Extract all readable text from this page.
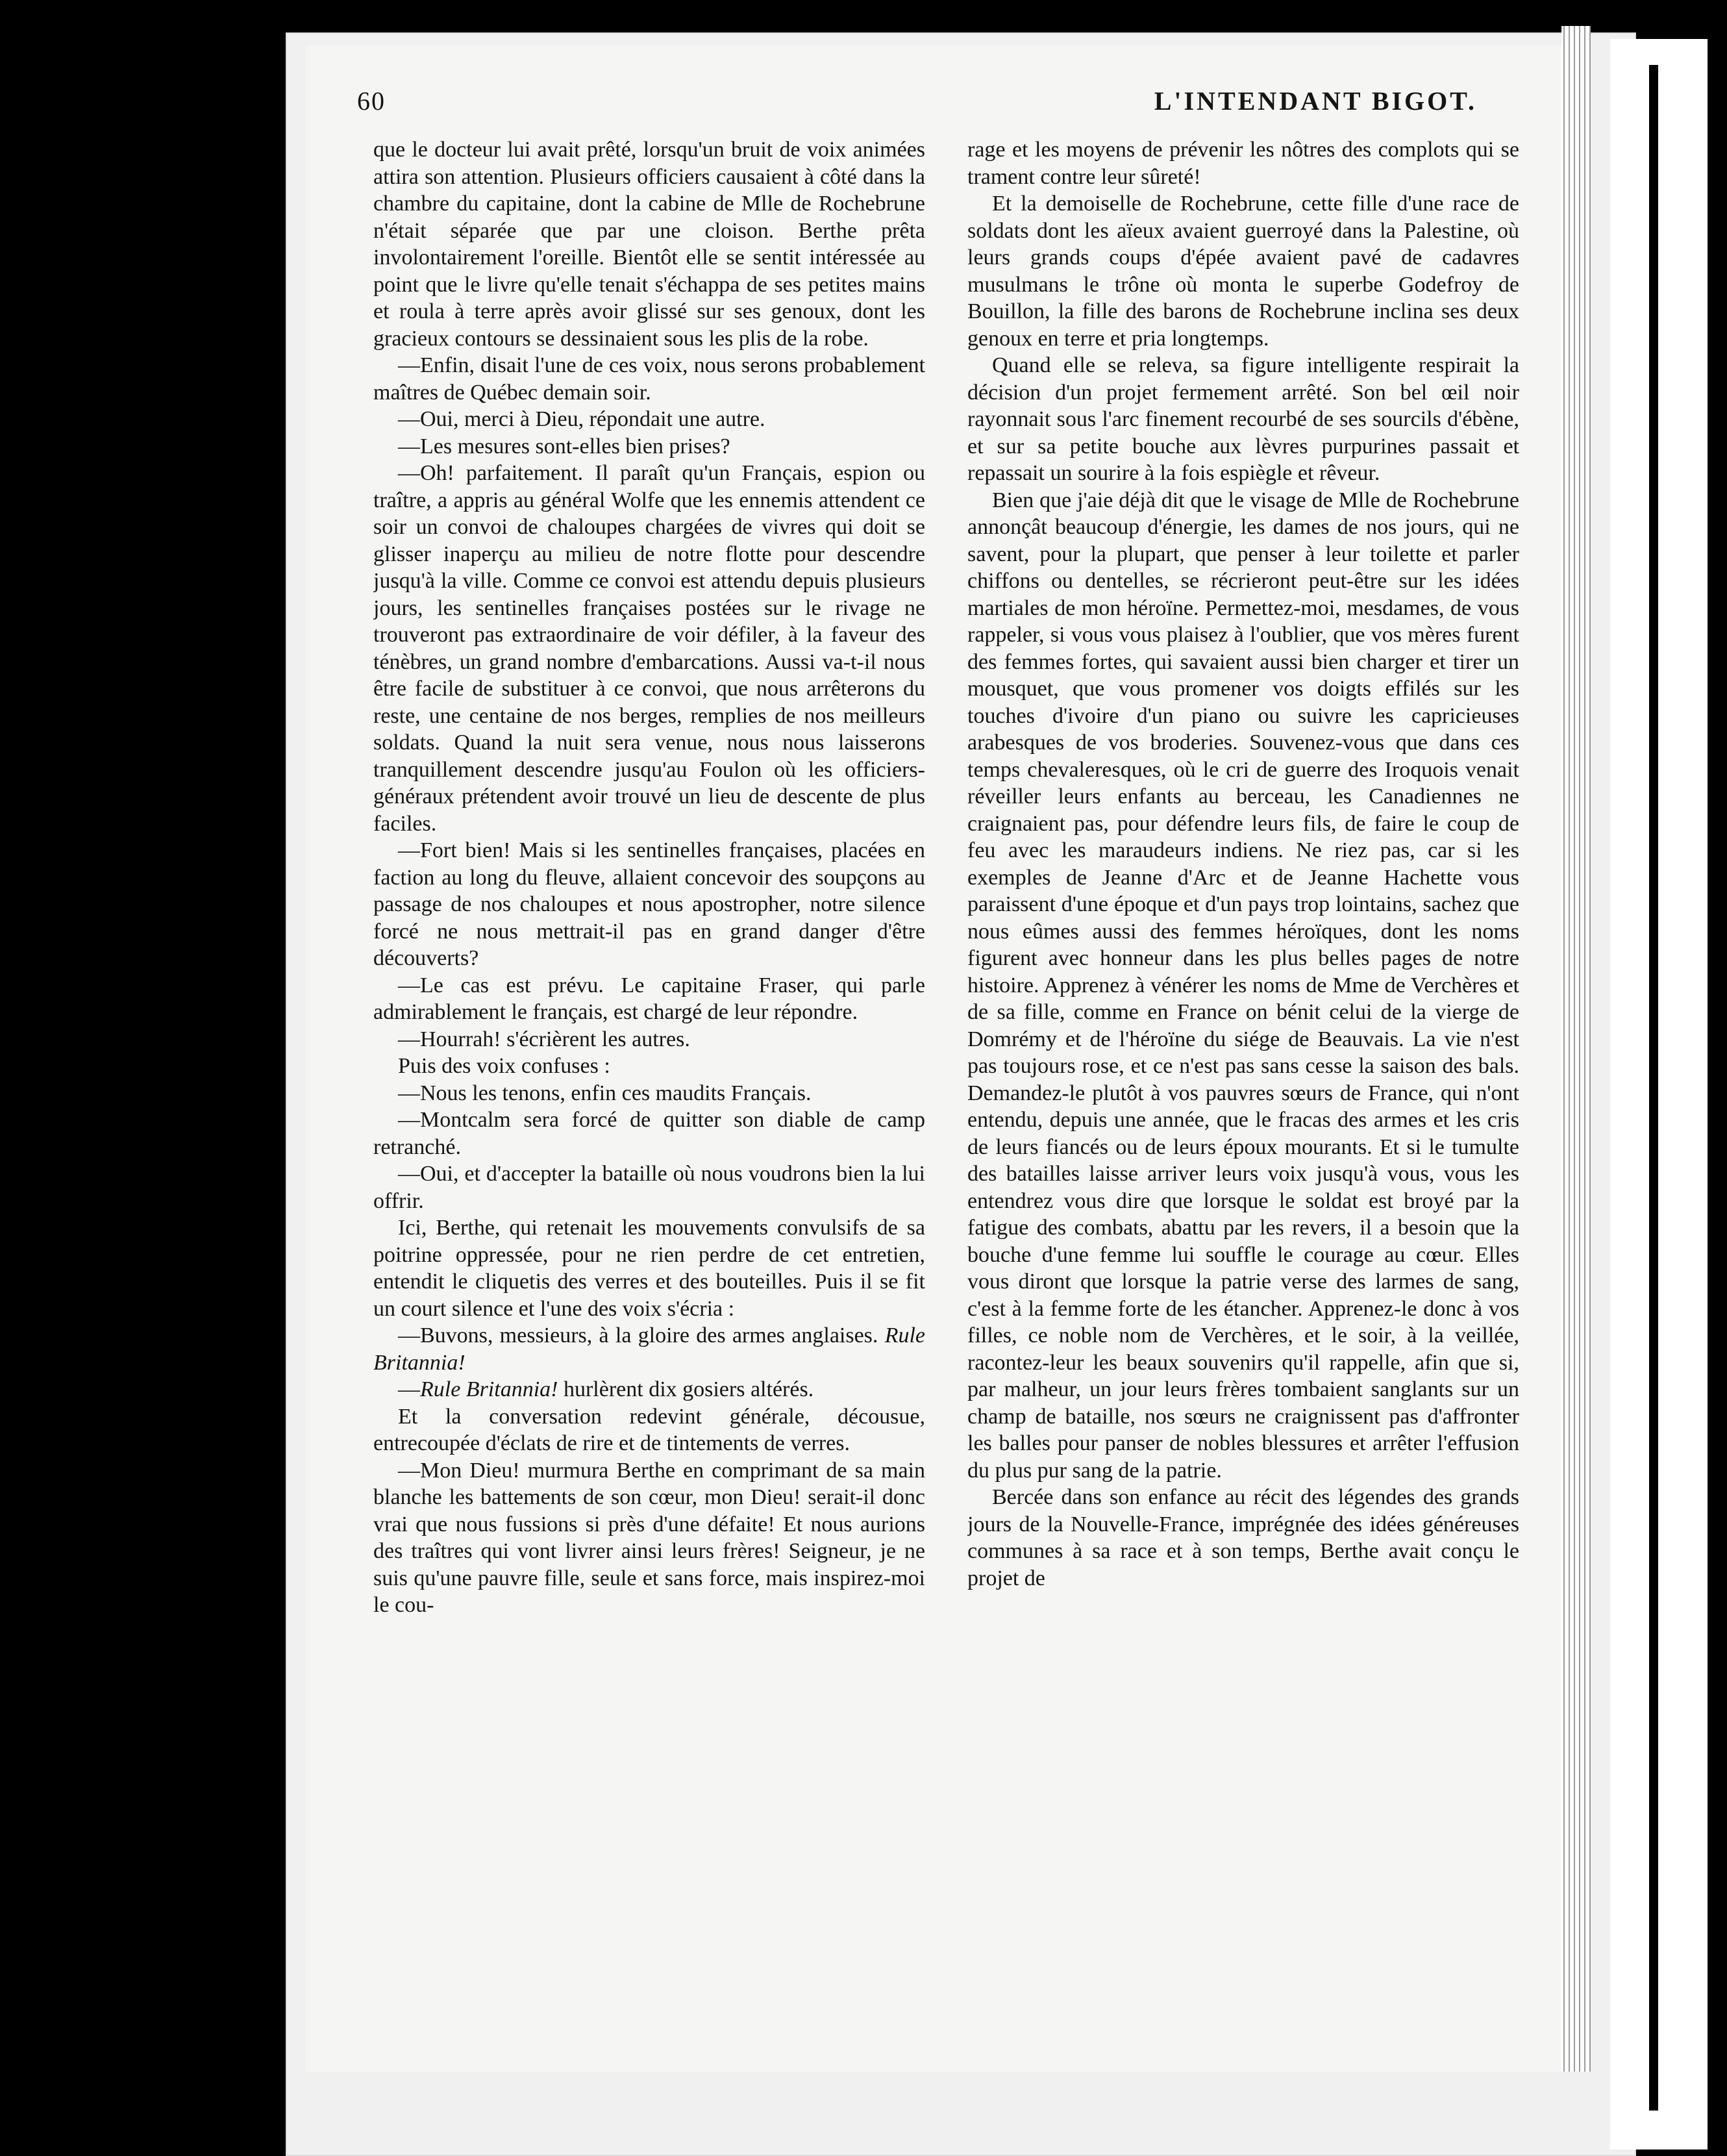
60	L'INTENDANT BIGOT.

que le docteur lui avait prêté, lorsqu'un bruit de voix animées attira son attention. Plusieurs officiers causaient à côté dans la chambre du capitaine, dont la cabine de Mlle de Rochebrune n'était séparée que par une cloison. Berthe prêta involontairement l'oreille. Bientôt elle se sentit intéressée au point que le livre qu'elle tenait s'échappa de ses petites mains et roula à terre après avoir glissé sur ses genoux, dont les gracieux contours se dessinaient sous les plis de la robe.

—Enfin, disait l'une de ces voix, nous serons probablement maîtres de Québec demain soir.

—Oui, merci à Dieu, répondait une autre.

—Les mesures sont-elles bien prises?

—Oh! parfaitement. Il paraît qu'un Français, espion ou traître, a appris au général Wolfe que les ennemis attendent ce soir un convoi de chaloupes chargées de vivres qui doit se glisser inaperçu au milieu de notre flotte pour descendre jusqu'à la ville. Comme ce convoi est attendu depuis plusieurs jours, les sentinelles françaises postées sur le rivage ne trouveront pas extraordinaire de voir défiler, à la faveur des ténèbres, un grand nombre d'embarcations. Aussi va-t-il nous être facile de substituer à ce convoi, que nous arrêterons du reste, une centaine de nos berges, remplies de nos meilleurs soldats. Quand la nuit sera venue, nous nous laisserons tranquillement descendre jusqu'au Foulon où les officiers-généraux prétendent avoir trouvé un lieu de descente de plus faciles.

—Fort bien! Mais si les sentinelles françaises, placées en faction au long du fleuve, allaient concevoir des soupçons au passage de nos chaloupes et nous apostropher, notre silence forcé ne nous mettrait-il pas en grand danger d'être découverts?

—Le cas est prévu. Le capitaine Fraser, qui parle admirablement le français, est chargé de leur répondre.

—Hourrah! s'écrièrent les autres.

Puis des voix confuses :

—Nous les tenons, enfin ces maudits Français.

—Montcalm sera forcé de quitter son diable de camp retranché.

—Oui, et d'accepter la bataille où nous voudrons bien la lui offrir.

Ici, Berthe, qui retenait les mouvements convulsifs de sa poitrine oppressée, pour ne rien perdre de cet entretien, entendit le cliquetis des verres et des bouteilles. Puis il se fit un court silence et l'une des voix s'écria :

—Buvons, messieurs, à la gloire des armes anglaises. Rule Britannia!

—Rule Britannia! hurlèrent dix gosiers altérés.

Et la conversation redevint générale, décousue, entrecoupée d'éclats de rire et de tintements de verres.

—Mon Dieu! murmura Berthe en comprimant de sa main blanche les battements de son cœur, mon Dieu! serait-il donc vrai que nous fussions si près d'une défaite! Et nous aurions des traîtres qui vont livrer ainsi leurs frères! Seigneur, je ne suis qu'une pauvre fille, seule et sans force, mais inspirez-moi le cou-

rage et les moyens de prévenir les nôtres des complots qui se trament contre leur sûreté!

Et la demoiselle de Rochebrune, cette fille d'une race de soldats dont les aïeux avaient guerroyé dans la Palestine, où leurs grands coups d'épée avaient pavé de cadavres musulmans le trône où monta le superbe Godefroy de Bouillon, la fille des barons de Rochebrune inclina ses deux genoux en terre et pria longtemps.

Quand elle se releva, sa figure intelligente respirait la décision d'un projet fermement arrêté. Son bel œil noir rayonnait sous l'arc finement recourbé de ses sourcils d'ébène, et sur sa petite bouche aux lèvres purpurines passait et repassait un sourire à la fois espiègle et rêveur.

Bien que j'aie déjà dit que le visage de Mlle de Rochebrune annonçât beaucoup d'énergie, les dames de nos jours, qui ne savent, pour la plupart, que penser à leur toilette et parler chiffons ou dentelles, se récrieront peut-être sur les idées martiales de mon héroïne. Permettez-moi, mesdames, de vous rappeler, si vous vous plaisez à l'oublier, que vos mères furent des femmes fortes, qui savaient aussi bien charger et tirer un mousquet, que vous promener vos doigts effilés sur les touches d'ivoire d'un piano ou suivre les capricieuses arabesques de vos broderies. Souvenez-vous que dans ces temps chevaleresques, où le cri de guerre des Iroquois venait réveiller leurs enfants au berceau, les Canadiennes ne craignaient pas, pour défendre leurs fils, de faire le coup de feu avec les maraudeurs indiens. Ne riez pas, car si les exemples de Jeanne d'Arc et de Jeanne Hachette vous paraissent d'une époque et d'un pays trop lointains, sachez que nous eûmes aussi des femmes héroïques, dont les noms figurent avec honneur dans les plus belles pages de notre histoire. Apprenez à vénérer les noms de Mme de Verchères et de sa fille, comme en France on bénit celui de la vierge de Domrémy et de l'héroïne du siége de Beauvais. La vie n'est pas toujours rose, et ce n'est pas sans cesse la saison des bals. Demandez-le plutôt à vos pauvres sœurs de France, qui n'ont entendu, depuis une année, que le fracas des armes et les cris de leurs fiancés ou de leurs époux mourants. Et si le tumulte des batailles laisse arriver leurs voix jusqu'à vous, vous les entendrez vous dire que lorsque le soldat est broyé par la fatigue des combats, abattu par les revers, il a besoin que la bouche d'une femme lui souffle le courage au cœur. Elles vous diront que lorsque la patrie verse des larmes de sang, c'est à la femme forte de les étancher. Apprenez-le donc à vos filles, ce noble nom de Verchères, et le soir, à la veillée, racontez-leur les beaux souvenirs qu'il rappelle, afin que si, par malheur, un jour leurs frères tombaient sanglants sur un champ de bataille, nos sœurs ne craignissent pas d'affronter les balles pour panser de nobles blessures et arrêter l'effusion du plus pur sang de la patrie.

Bercée dans son enfance au récit des légendes des grands jours de la Nouvelle-France, imprégnée des idées généreuses communes à sa race et à son temps, Berthe avait conçu le projet de
